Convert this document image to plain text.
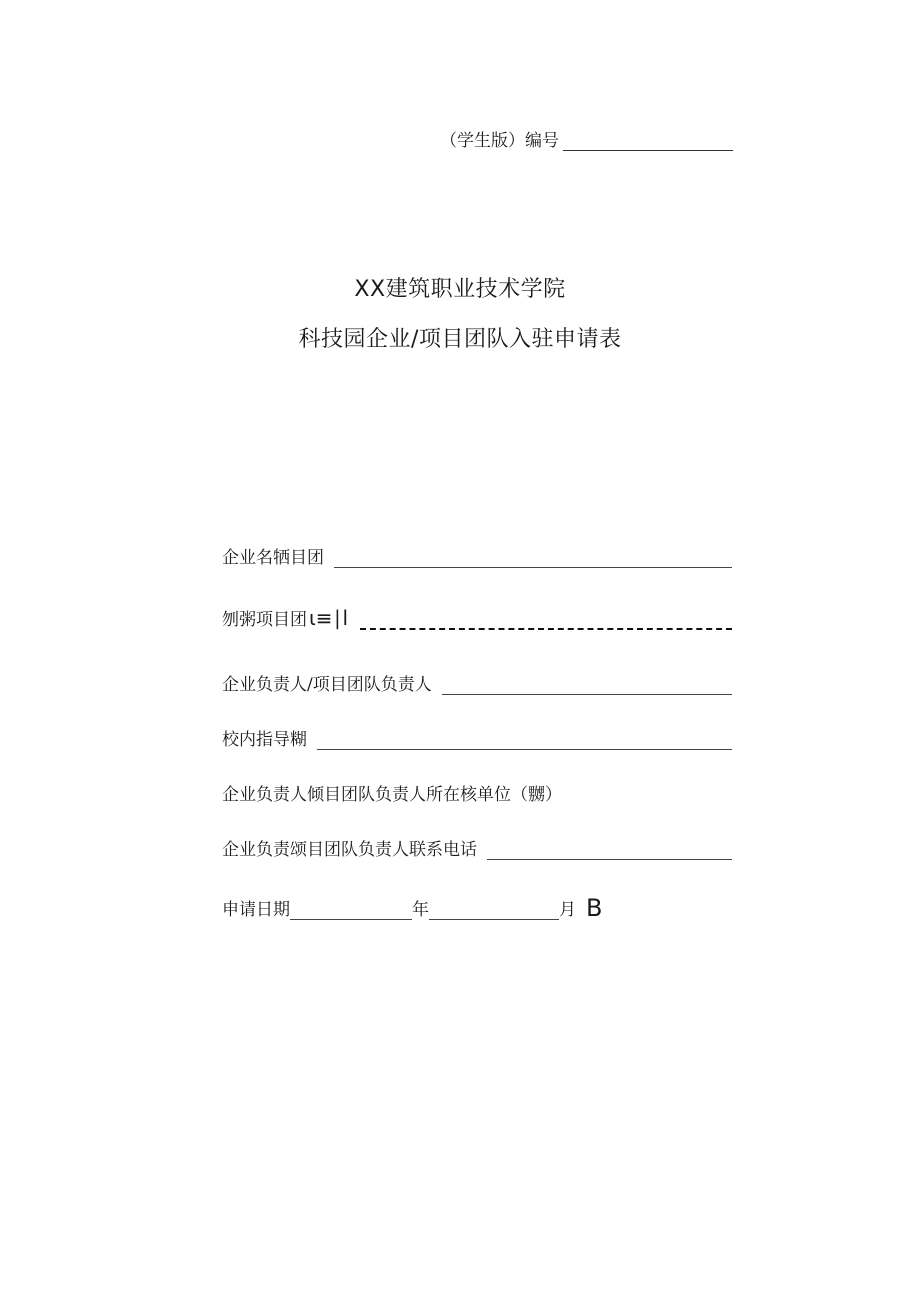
（学生版） 编号
XX建筑职业技术学院
科技园企业/项目团队入驻申请表
企业名牺目团
刎粥项目团 ι≡∣l
企业负责人/项目团队负责人
校内指导糊
企业负责人倾目团队负责人所在核单位（嬲）
企业负责颂目团队负责人联系电话
申请日期	年	月 B
